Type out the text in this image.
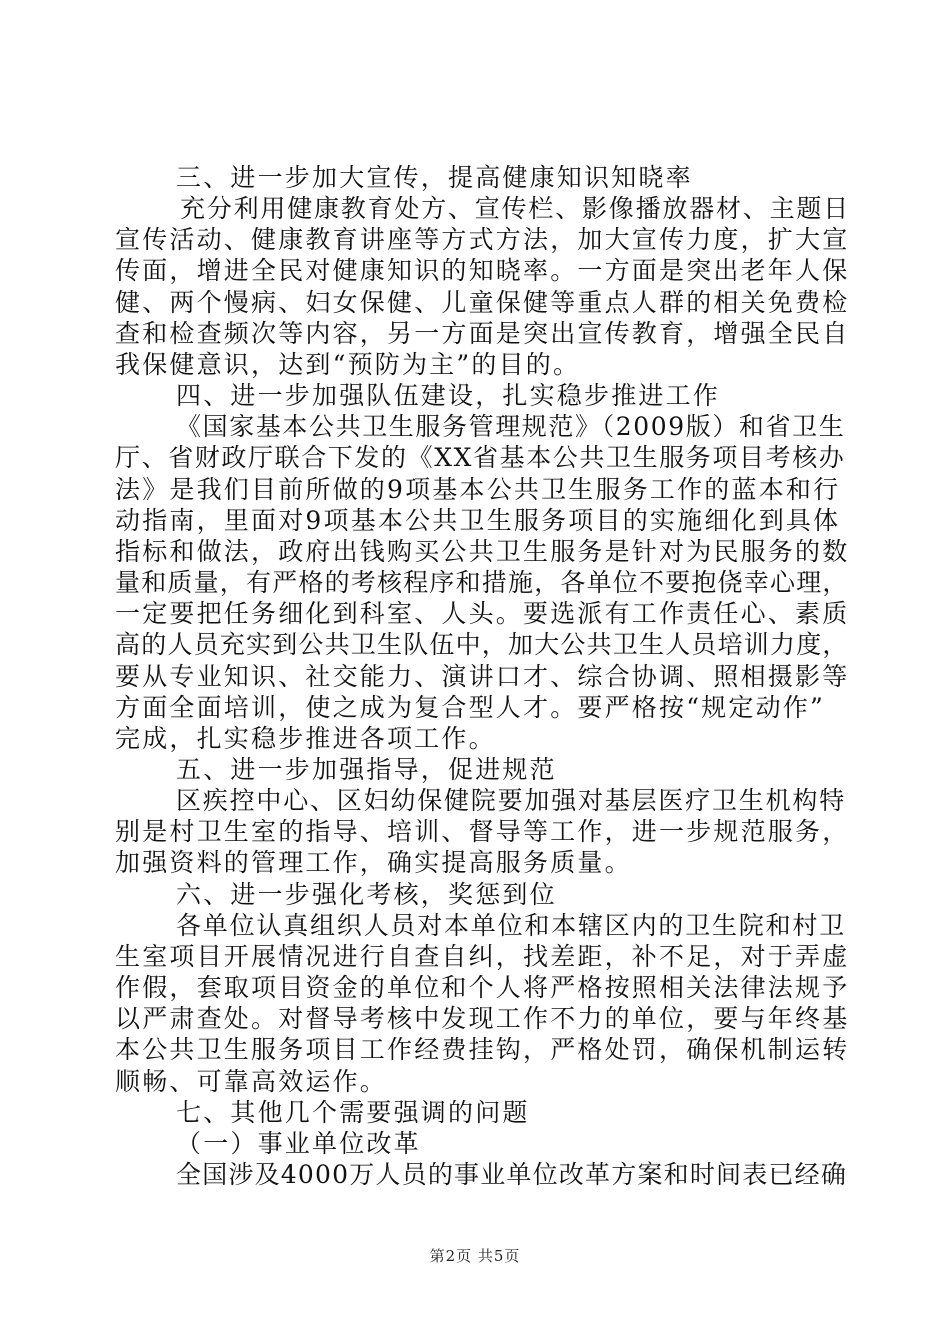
三、进一步加大宣传，提高健康知识知晓率
充分利用健康教育处方、宣传栏、影像播放器材、主题日
宣传活动、健康教育讲座等方式方法，加大宣传力度，扩大宣
传面，增进全民对健康知识的知晓率。一方面是突出老年人保
健、两个慢病、妇女保健、儿童保健等重点人群的相关免费检
查和检查频次等内容，另一方面是突出宣传教育，增强全民自
我保健意识，达到“预防为主”的目的。
四、进一步加强队伍建设，扎实稳步推进工作
《国家基本公共卫生服务管理规范》（2009版）和省卫生
厅、省财政厅联合下发的《XX省基本公共卫生服务项目考核办
法》是我们目前所做的9项基本公共卫生服务工作的蓝本和行
动指南，里面对9项基本公共卫生服务项目的实施细化到具体
指标和做法，政府出钱购买公共卫生服务是针对为民服务的数
量和质量，有严格的考核程序和措施，各单位不要抱侥幸心理，
一定要把任务细化到科室、人头。要选派有工作责任心、素质
高的人员充实到公共卫生队伍中，加大公共卫生人员培训力度，
要从专业知识、社交能力、演讲口才、综合协调、照相摄影等
方面全面培训，使之成为复合型人才。要严格按“规定动作”
完成，扎实稳步推进各项工作。
五、进一步加强指导，促进规范
区疾控中心、区妇幼保健院要加强对基层医疗卫生机构特
别是村卫生室的指导、培训、督导等工作，进一步规范服务，
加强资料的管理工作，确实提高服务质量。
六、进一步强化考核，奖惩到位
各单位认真组织人员对本单位和本辖区内的卫生院和村卫
生室项目开展情况进行自查自纠，找差距，补不足，对于弄虚
作假，套取项目资金的单位和个人将严格按照相关法律法规予
以严肃查处。对督导考核中发现工作不力的单位，要与年终基
本公共卫生服务项目工作经费挂钩，严格处罚，确保机制运转
顺畅、可靠高效运作。
七、其他几个需要强调的问题
（一）事业单位改革
全国涉及4000万人员的事业单位改革方案和时间表已经确
第2页 共5页
